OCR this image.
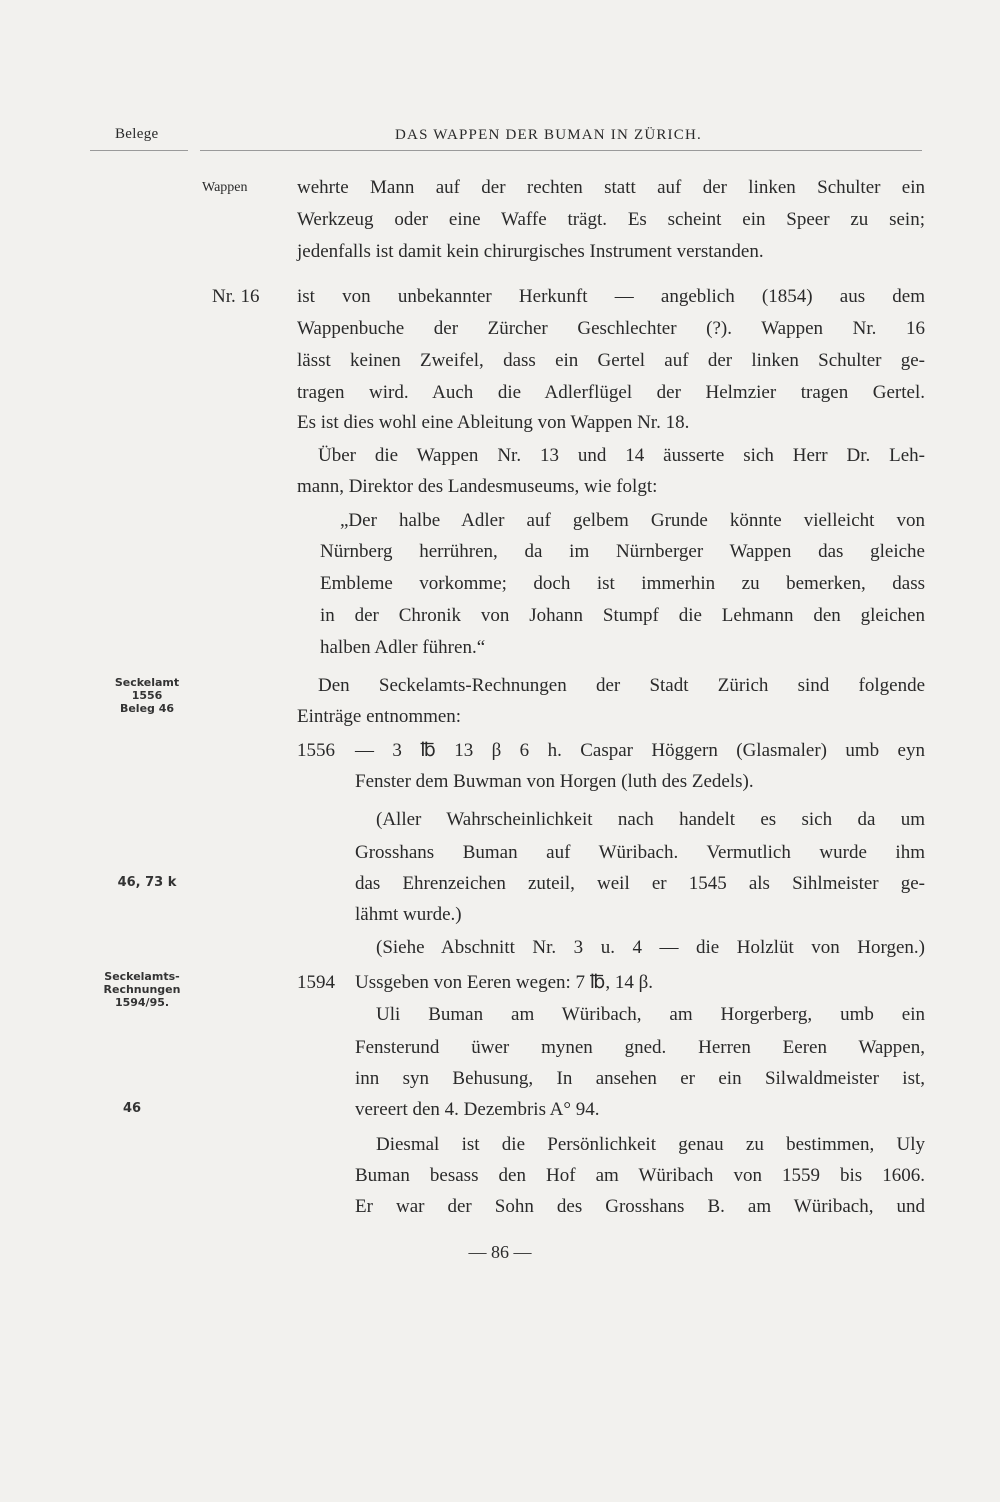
Belege	DAS WAPPEN DER BUMAN IN ZÜRICH.
Wappen
Seckelamt
1556
Beleg 46
46, 73 k
Seckelamts-
Rechnungen
1594/95.
46
Nr. 16
1556
1594
wehrte Mann auf der rechten statt auf der linken Schulter ein
Werkzeug oder eine Waffe trägt. Es scheint ein Speer zu sein;
jedenfalls ist damit kein chirurgisches Instrument verstanden.
ist von unbekannter Herkunft — angeblich (1854) aus dem
Wappenbuche der Zürcher Geschlechter (?). Wappen Nr. 16
lässt keinen Zweifel, dass ein Gertel auf der linken Schulter ge-
tragen wird. Auch die Adlerflügel der Helmzier tragen Gertel.
Es ist dies wohl eine Ableitung von Wappen Nr. 18.
Über die Wappen Nr. 13 und 14 äusserte sich Herr Dr. Leh-
mann, Direktor des Landesmuseums, wie folgt:
„Der halbe Adler auf gelbem Grunde könnte vielleicht von
Nürnberg herrühren, da im Nürnberger Wappen das gleiche
Embleme vorkomme; doch ist immerhin zu bemerken, dass
in der Chronik von Johann Stumpf die Lehmann den gleichen
halben Adler führen.“
Den Seckelamts-Rechnungen der Stadt Zürich sind folgende
Einträge entnommen:
— 3 ℔ 13 β 6 h. Caspar Höggern (Glasmaler) umb eyn
Fenster dem Buwman von Horgen (luth des Zedels).
(Aller Wahrscheinlichkeit nach handelt es sich da um
Grosshans Buman auf Würibach. Vermutlich wurde ihm
das Ehrenzeichen zuteil, weil er 1545 als Sihlmeister ge-
lähmt wurde.)
(Siehe Abschnitt Nr. 3 u. 4 — die Holzlüt von Horgen.)
Ussgeben von Eeren wegen: 7 ℔, 14 β.
Uli Buman am Würibach, am Horgerberg, umb ein
Fensterund üwer mynen gned. Herren Eeren Wappen,
inn syn Behusung, In ansehen er ein Silwaldmeister ist,
vereert den 4. Dezembris A° 94.
Diesmal ist die Persönlichkeit genau zu bestimmen, Uly
Buman besass den Hof am Würibach von 1559 bis 1606.
Er war der Sohn des Grosshans B. am Würibach, und
— 86 —
